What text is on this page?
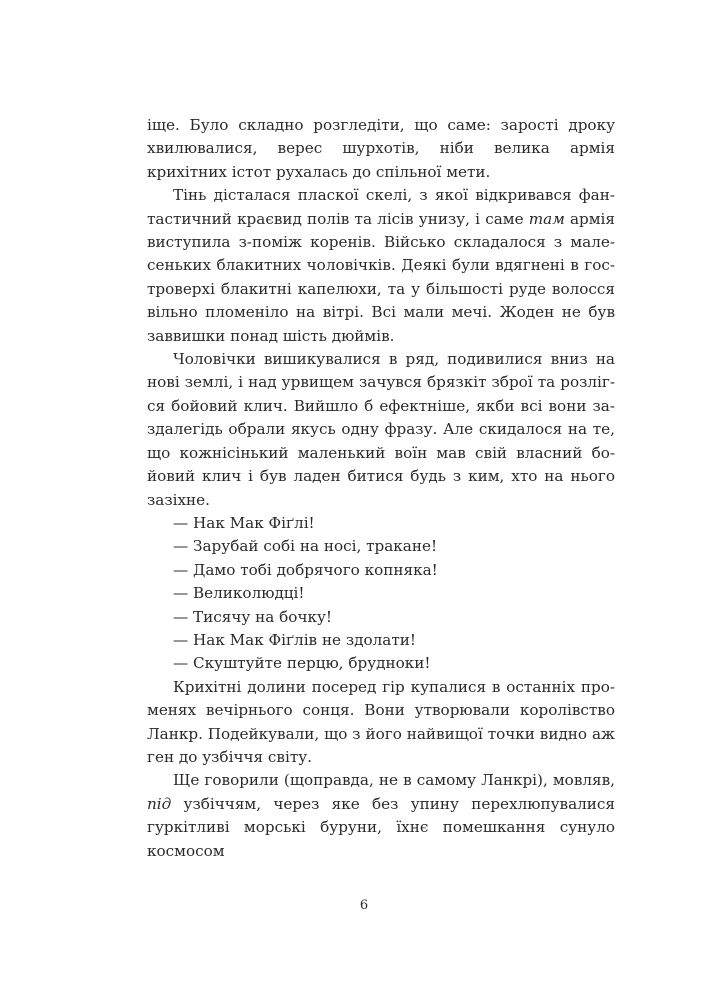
іще. Було складно розгледіти, що саме: зарості дроку хвилювалися, верес шурхотів, ніби велика армія крихітних істот рухалась до спільної мети.

Тінь дісталася пласкої скелі, з якої відкривався фантастичний краєвид полів та лісів унизу, і саме там армія виступила з-поміж коренів. Військо складалося з малесеньких блакитних чоловічків. Деякі були вдягнені в гостроверхі блакитні капелюхи, та у більшості руде волосся вільно пломеніло на вітрі. Всі мали мечі. Жоден не був заввишки понад шість дюймів.

Чоловічки вишикувалися в ряд, подивилися вниз на нові землі, і над урвищем зачувся брязкіт зброї та розлігся бойовий клич. Вийшло б ефектніше, якби всі вони заздалегідь обрали якусь одну фразу. Але скидалося на те, що кожнісінький маленький воїн мав свій власний бойовий клич і був ладен битися будь з ким, хто на нього зазіхне.

— Нак Мак Фіґлі!

— Зарубай собі на носі, тракане!

— Дамо тобі добрячого копняка!

— Великолюдці!

— Тисячу на бочку!

— Нак Мак Фіґлів не здолати!

— Скуштуйте перцю, брудноки!

Крихітні долини посеред гір купалися в останніх променях вечірнього сонця. Вони утворювали королівство Ланкр. Подейкували, що з його найвищої точки видно аж ген до узбіччя світу.

Ще говорили (щоправда, не в самому Ланкрі), мовляв, під узбіччям, через яке без упину перехлюпувалися гуркітливі морські буруни, їхнє помешкання сунуло космосом

6
